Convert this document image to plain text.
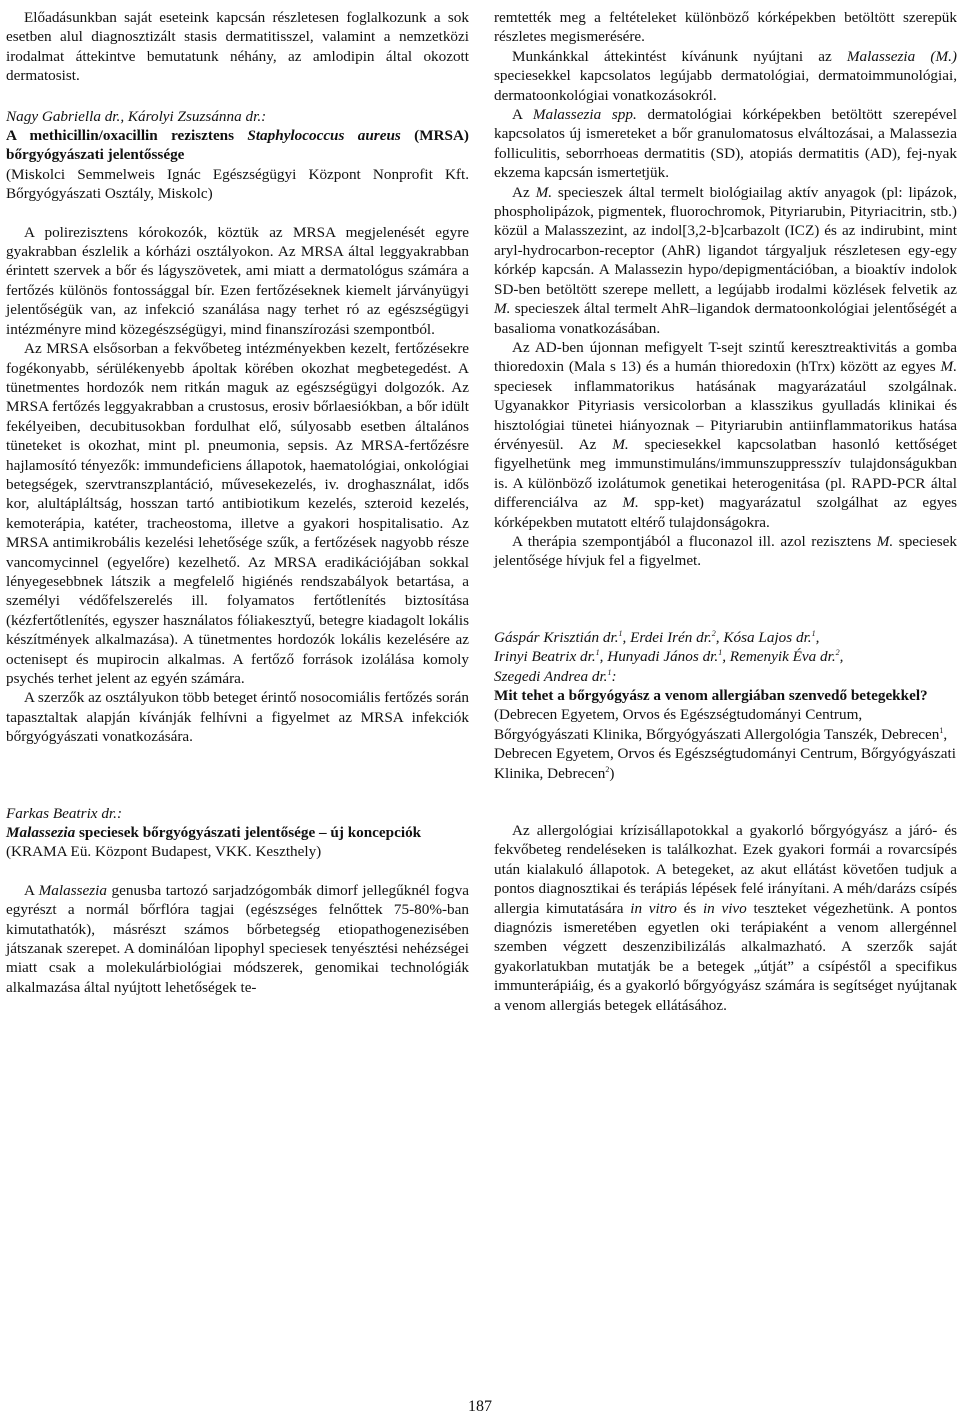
Előadásunkban saját eseteink kapcsán részletesen foglalkozunk a sok esetben alul diagnosztizált stasis dermatitisszel, valamint a nemzetközi irodalmat áttekintve bemutatunk néhány, az amlodipin által okozott dermatosist.

Nagy Gabriella dr., Károlyi Zsuzsánna dr.:

A methicillin/oxacillin rezisztens Staphylococcus aureus (MRSA) bőrgyógyászati jelentőssége

(Miskolci Semmelweis Ignác Egészségügyi Központ Nonprofit Kft. Bőrgyógyászati Osztály, Miskolc)

A polirezisztens kórokozók, köztük az MRSA megjelenését egyre gyakrabban észlelik a kórházi osztályokon. Az MRSA által leggyakrabban érintett szervek a bőr és lágyszövetek, ami miatt a dermatológus számára a fertőzés különös fontossággal bír. Ezen fertőzéseknek kiemelt járványügyi jelentőségük van, az infekció szanálása nagy terhet ró az egészségügyi intézményre mind közegészségügyi, mind finanszírozási szempontból.

Az MRSA elsősorban a fekvőbeteg intézményekben kezelt, fertőzésekre fogékonyabb, sérülékenyebb ápoltak körében okozhat megbetegedést. A tünetmentes hordozók nem ritkán maguk az egészségügyi dolgozók. Az MRSA fertőzés leggyakrabban a crustosus, erosiv bőrlaesiókban, a bőr idült fekélyeiben, decubitusokban fordulhat elő, súlyosabb esetben általános tüneteket is okozhat, mint pl. pneumonia, sepsis. Az MRSA-fertőzésre hajlamosító tényezők: immundeficiens állapotok, haematológiai, onkológiai betegségek, szervtranszplantáció, művesekezelés, iv. droghasználat, idős kor, alultápláltság, hosszan tartó antibiotikum kezelés, szteroid kezelés, kemoterápia, katéter, tracheostoma, illetve a gyakori hospitalisatio. Az MRSA antimikrobális kezelési lehetősége szűk, a fertőzések nagyobb része vancomycinnel (egyelőre) kezelhető. Az MRSA eradikációjában sokkal lényegesebbnek látszik a megfelelő higiénés rendszabályok betartása, a személyi védőfelszerelés ill. folyamatos fertőtlenítés biztosítása (kézfertőtlenítés, egyszer használatos fóliakesztyű, betegre kiadagolt lokális készítmények alkalmazása). A tünetmentes hordozók lokális kezelésére az octenisept és mupirocin alkalmas. A fertőző források izolálása komoly psychés terhet jelent az egyén számára.

A szerzők az osztályukon több beteget érintő nosocomiális fertőzés során tapasztaltak alapján kívánják felhívni a figyelmet az MRSA infekciók bőrgyógyászati vonatkozására.

Farkas Beatrix dr.:

Malassezia speciesek bőrgyógyászati jelentősége – új koncepciók

(KRAMA Eü. Központ Budapest, VKK. Keszthely)

A Malassezia genusba tartozó sarjadzógombák dimorf jellegűknél fogva egyrészt a normál bőrflóra tagjai (egészséges felnőttek 75-80%-ban kimutathatók), másrészt számos bőrbetegség etiopathogenezisében játszanak szerepet. A dominálóan lipophyl speciesek tenyésztési nehézségei miatt csak a molekulárbiológiai módszerek, genomikai technológiák alkalmazása által nyújtott lehetőségek te-

remtették meg a feltételeket különböző kórképekben betöltött szerepük részletes megismerésére.

Munkánkkal áttekintést kívánunk nyújtani az Malassezia (M.) speciesekkel kapcsolatos legújabb dermatológiai, dermatoimmunológiai, dermatoonkológiai vonatkozásokról.

A Malassezia spp. dermatológiai kórképekben betöltött szerepével kapcsolatos új ismereteket a bőr granulomatosus elváltozásai, a Malassezia folliculitis, seborrhoeas dermatitis (SD), atopiás dermatitis (AD), fej-nyak ekzema kapcsán ismertetjük.

Az M. specieszek által termelt biológiailag aktív anyagok (pl: lipázok, phospholipázok, pigmentek, fluorochromok, Pityriarubin, Pityriacitrin, stb.) közül a Malasszezint, az indol[3,2-b]carbazolt (ICZ) és az indirubint, mint aryl-hydrocarbon-receptor (AhR) ligandot tárgyaljuk részletesen egy-egy kórkép kapcsán. A Malassezin hypo/depigmentációban, a bioaktív indolok SD-ben betöltött szerepe mellett, a legújabb irodalmi közlések felvetik az M. specieszek által termelt AhR–ligandok dermatoonkológiai jelentőségét a basalioma vonatkozásában.

Az AD-ben újonnan mefigyelt T-sejt szintű keresztreaktivitás a gomba thioredoxin (Mala s 13) és a humán thioredoxin (hTrx) között az egyes M. speciesek inflammatorikus hatásának magyarázatául szolgálnak. Ugyanakkor Pityriasis versicolorban a klasszikus gyulladás klinikai és hisztológiai tünetei hiányoznak – Pityriarubin antiinflammatorikus hatása érvényesül. Az M. speciesekkel kapcsolatban hasonló kettőséget figyelhetünk meg immunstimuláns/immunszuppresszív tulajdonságukban is. A különböző izolátumok genetikai heterogenitása (pl. RAPD-PCR által differenciálva az M. spp-ket) magyarázatul szolgálhat az egyes kórképekben mutatott eltérő tulajdonságokra.

A therápia szempontjából a fluconazol ill. azol rezisztens M. speciesek jelentősége hívjuk fel a figyelmet.

Gáspár Krisztián dr.$^1$, Erdei Irén dr.$^2$, Kósa Lajos dr.$^1$,
Irinyi Beatrix dr.$^1$, Hunyadi János dr.$^1$, Remenyik Éva dr.$^2$,
Szegedi Andrea dr.$^1$:

Mit tehet a bőrgyógyász a venom allergiában szenvedő betegekkel?

(Debrecen Egyetem, Orvos és Egészségtudományi Centrum, Bőrgyógyászati Klinika, Bőrgyógyászati Allergológia Tanszék, Debrecen$^1$, Debrecen Egyetem, Orvos és Egészségtudományi Centrum, Bőrgyógyászati Klinika, Debrecen$^2$)

Az allergológiai krízisállapotokkal a gyakorló bőrgyógyász a járó- és fekvőbeteg rendeléseken is találkozhat. Ezek gyakori formái a rovarcsípés után kialakuló állapotok. A betegeket, az akut ellátást követően tudjuk a pontos diagnosztikai és terápiás lépések felé irányítani. A méh/darázs csípés allergia kimutatására in vitro és in vivo teszteket végezhetünk. A pontos diagnózis ismeretében egyetlen oki terápiaként a venom allergénnel szemben végzett deszenzibilizálás alkalmazható. A szerzők saját gyakorlatukban mutatják be a betegek „útját” a csípéstől a specifikus immunterápiáig, és a gyakorló bőrgyógyász számára is segítséget nyújtanak a venom allergiás betegek ellátásához.

187
